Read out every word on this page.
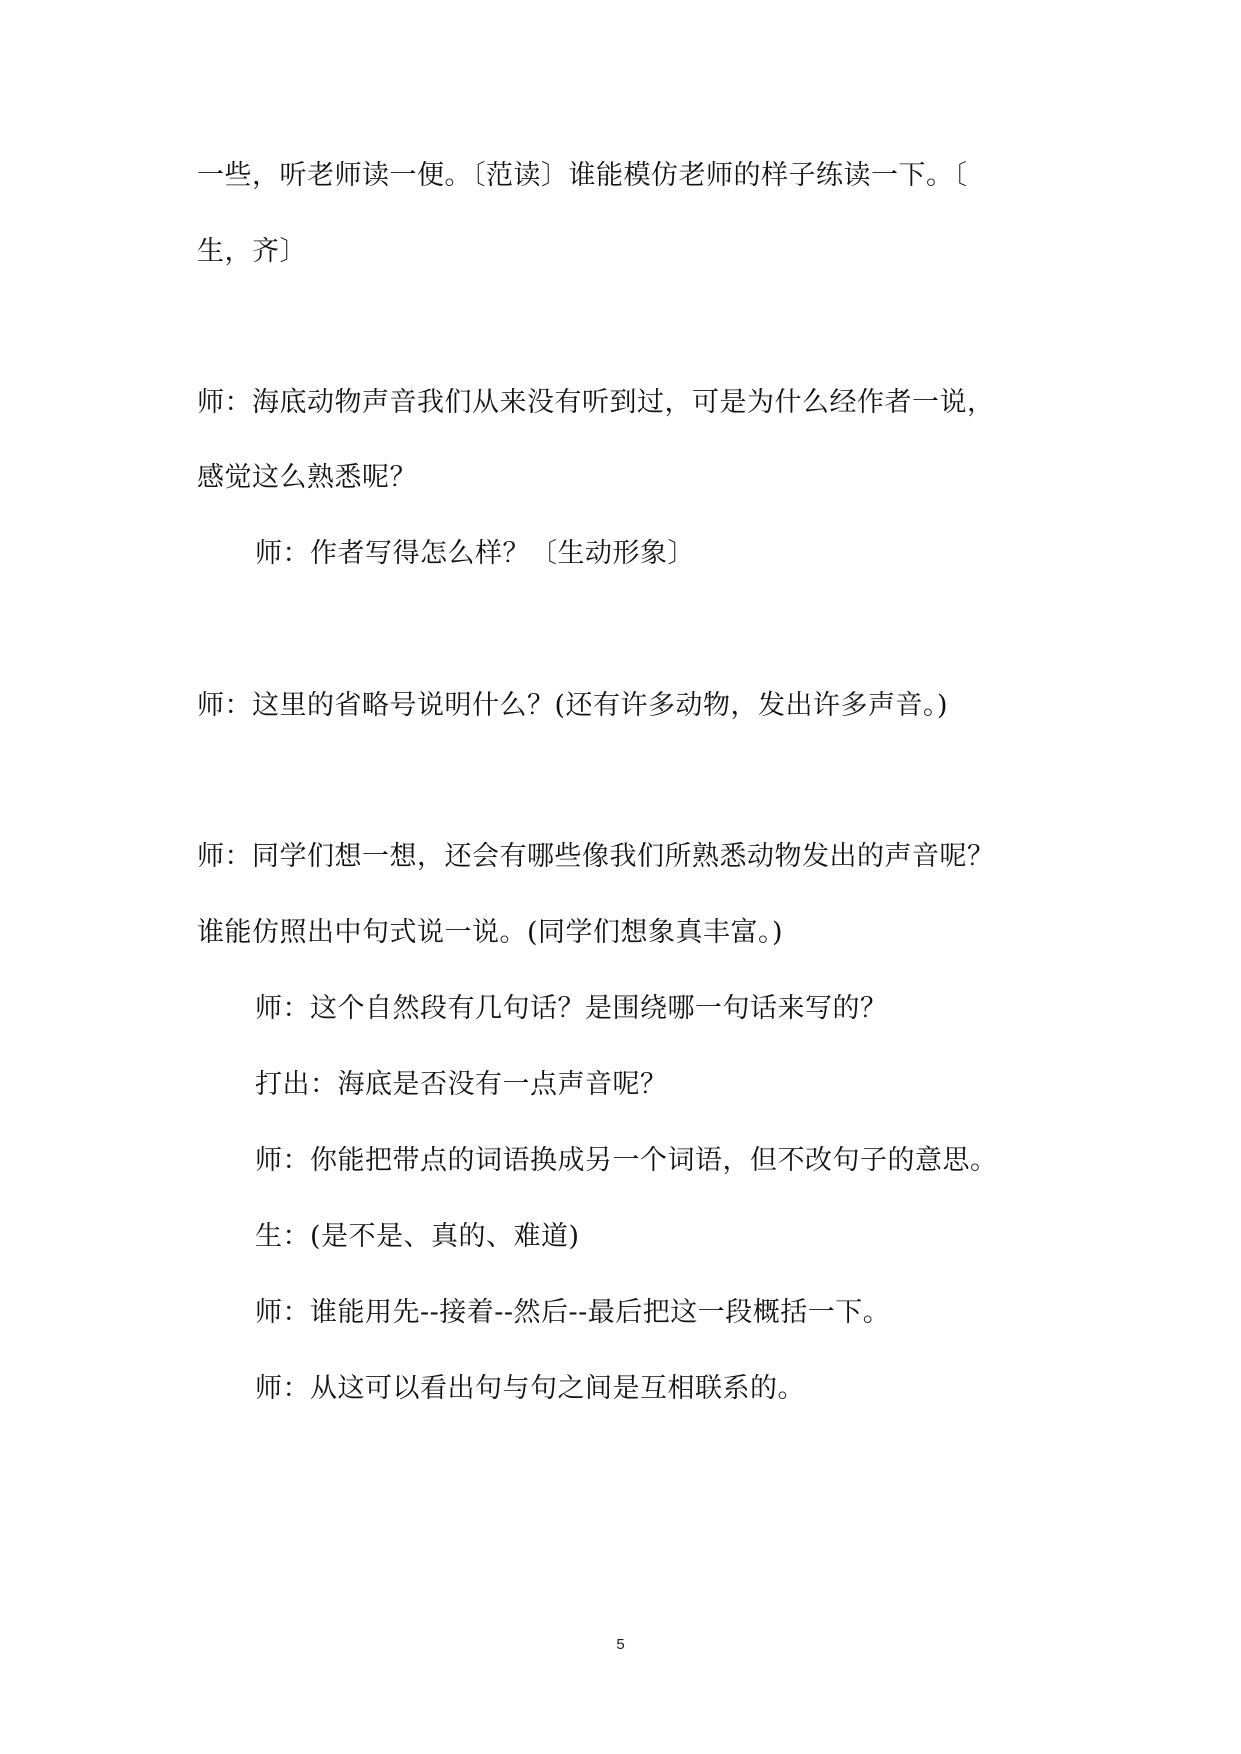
一些，听老师读一便。〔范读〕谁能模仿老师的样子练读一下。〔
生，齐〕
师：海底动物声音我们从来没有听到过，可是为什么经作者一说，
感觉这么熟悉呢？
师：作者写得怎么样？〔生动形象〕
师：这里的省略号说明什么？(还有许多动物，发出许多声音。)
师：同学们想一想，还会有哪些像我们所熟悉动物发出的声音呢？
谁能仿照出中句式说一说。(同学们想象真丰富。)
师：这个自然段有几句话？是围绕哪一句话来写的？
打出：海底是否没有一点声音呢？
师：你能把带点的词语换成另一个词语，但不改句子的意思。
生：(是不是、真的、难道)
师：谁能用先--接着--然后--最后把这一段概括一下。
师：从这可以看出句与句之间是互相联系的。
5
